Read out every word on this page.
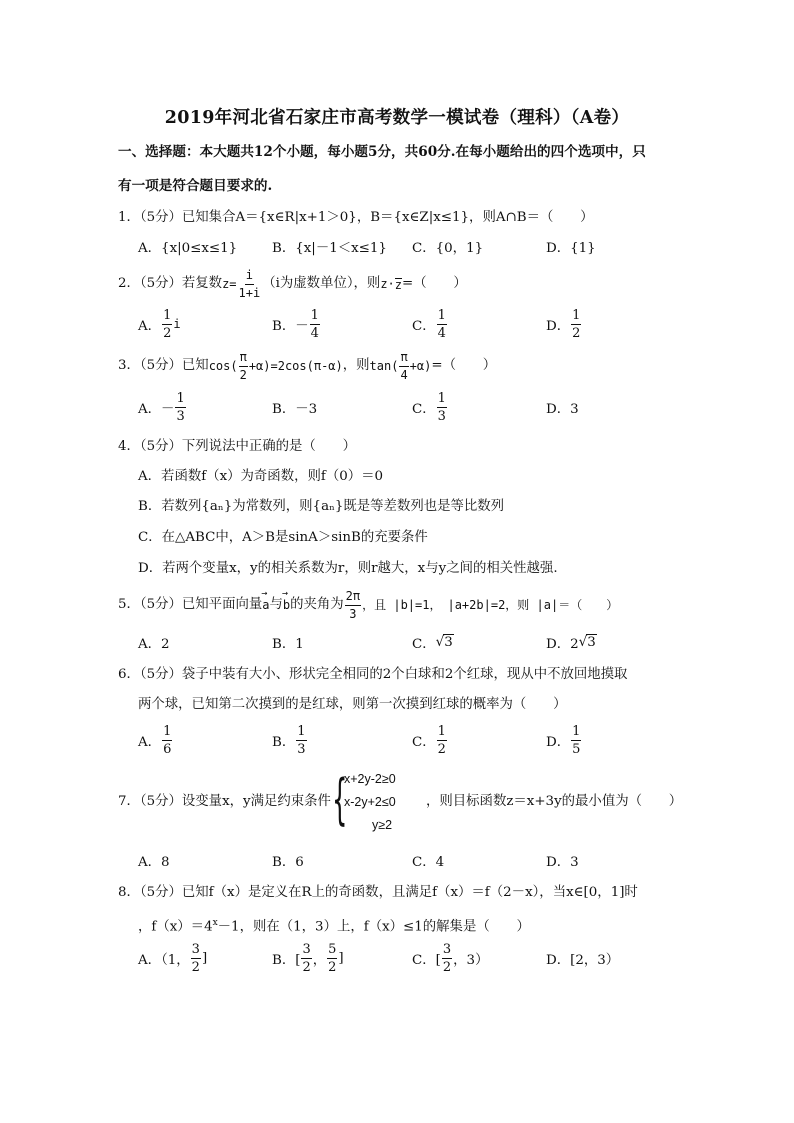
2019年河北省石家庄市高考数学一模试卷（理科）（A卷）
一、选择题：本大题共12个小题，每小题5分，共60分.在每小题给出的四个选项中，只
有一项是符合题目要求的.
1．（5分）已知集合A＝{x∈R|x+1＞0}，B＝{x∈Z|x≤1}，则A∩B＝（　　）
A．{x|0≤x≤1}	B．{x|－1＜x≤1} C．{0，1}	D．{1}
2．（5分）若复数 $z= \frac{i}{1+i} (i$为虚数单位），则 z· z =（　　）
A． $\frac{1}{2}$ i	B．－ $\frac{1}{4}$	C． $\frac{1}{4}$	D． $\frac{1}{2}$
3．（5分）已知 $\cos( \frac{\pi}{2} +\alpha)=2\cos(\pi-\alpha)$ ，则 $\tan( \frac{\pi}{4} +\alpha)$ =（　　）
A．－ $\frac{1}{3}$	B．－3	C． $\frac{1}{3}$	D．3
4．（5分）下列说法中正确的是（　　）
A．若函数f（x）为奇函数，则f（0）＝0
B．若数列{aₙ}为常数列，则{aₙ}既是等差数列也是等比数列
C．在△ABC中，A＞B是sinA＞sinB的充要条件
D．若两个变量x，y的相关系数为r，则r越大，x与y之间的相关性越强.
5．（5分）已知平面向量 → a 与 → b 的夹角为 $\frac{2\pi}{3}$ ，且 |b|=1， |a+2 b|=2 ，则 |a|＝（　　）
A．2	B．1	C． √ 3	D．2 √ 3
6．（5分）袋子中装有大小、形状完全相同的2个白球和2个红球，现从中不放回地摸取
两个球，已知第二次摸到的是红球，则第一次摸到红球的概率为（　　）
A． $\frac{1}{6}$	B． $\frac{1}{3}$	C． $\frac{1}{2}$	D． $\frac{1}{5}$
7．（5分）设变量x，y满足约束条件 {
x+2y-2≥0
x-2y+2≤0
y≥2
，则目标函数z＝x+3y的最小值为（　　）
A．8	B．6	C．4	D．3
8．（5分）已知f（x）是定义在R上的奇函数，且满足f（x）＝f（2－x），当x∈[0，1]时
，$f(x)=4^x-1$，则在（1，3）上，f（x）≤1的解集是（　　）
A．（1， $\frac{3}{2}$ ]	B．[ $\frac{3}{2}$ ， $\frac{5}{2}$ ]	C．[ $\frac{3}{2}$ ，3）	D．[2，3）
